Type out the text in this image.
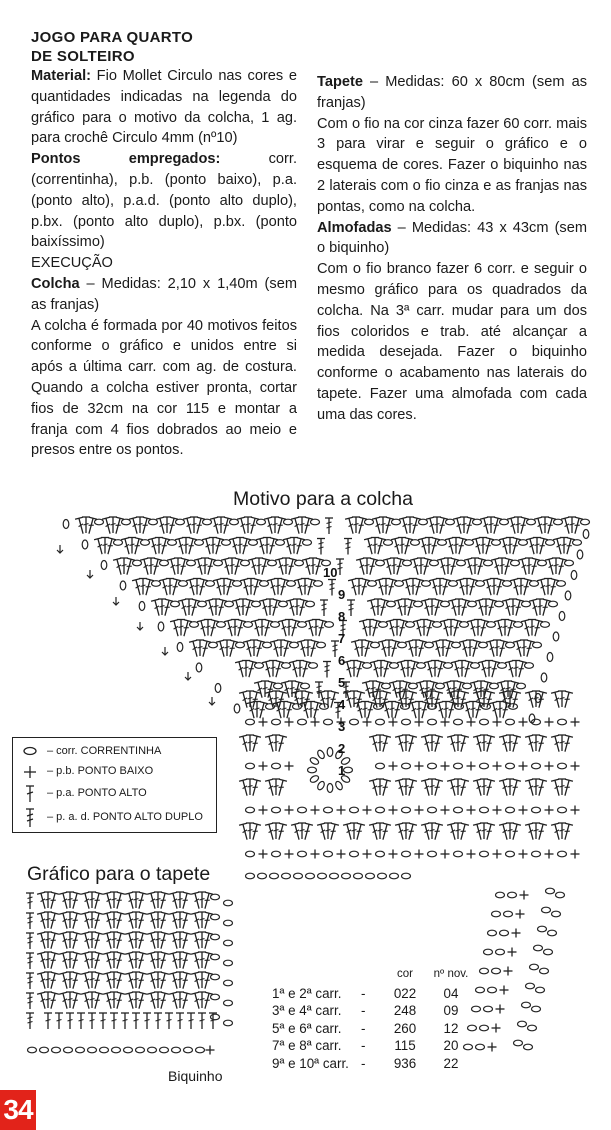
JOGO PARA QUARTO
DE SOLTEIRO

Material: Fio Mollet Circulo nas cores e quantidades indicadas na legenda do gráfico para o motivo da colcha, 1 ag. para crochê Circulo 4mm (nº10)

Pontos empregados: corr. (correntinha), p.b. (ponto baixo), p.a. (ponto alto), p.a.d. (ponto alto duplo), p.bx. (ponto alto duplo), p.bx. (ponto baixíssimo)

EXECUÇÃO

Colcha – Medidas: 2,10 x 1,40m (sem as franjas)

A colcha é formada por 40 motivos feitos conforme o gráfico e unidos entre si após a última carr. com ag. de costura. Quando a colcha estiver pronta, cortar fios de 32cm na cor 115 e montar a franja com 4 fios dobrados ao meio e presos entre os pontos.

Tapete – Medidas: 60 x 80cm (sem as franjas)

Com o fio na cor cinza fazer 60 corr. mais 3 para virar e seguir o gráfico e o esquema de cores. Fazer o biquinho nas 2 laterais com o fio cinza e as franjas nas pontas, como na colcha.

Almofadas – Medidas: 43 x 43cm (sem o biquinho)

Com o fio branco fazer 6 corr. e seguir o mesmo gráfico para os quadrados da colcha. Na 3ª carr. mudar para um dos fios coloridos e trab. até alcançar a medida desejada. Fazer o biquinho conforme o acabamento nas laterais do tapete. Fazer uma almofada com cada uma das cores.

Motivo para a colcha
Gráfico para o tapete
1
2
3
4
5
6
7
8
9
10
– corr. CORRENTINHA
– p.b. PONTO BAIXO
– p.a. PONTO ALTO
– p. a. d. PONTO ALTO DUPLO
cor	nº nov.
1ª e 2ª carr. -	022	04
3ª e 4ª carr. -	248	09
5ª e 6ª carr. -	260	12
7ª e 8ª carr. -	115	20
9ª e 10ª carr. -	936	22
Biquinho
34
